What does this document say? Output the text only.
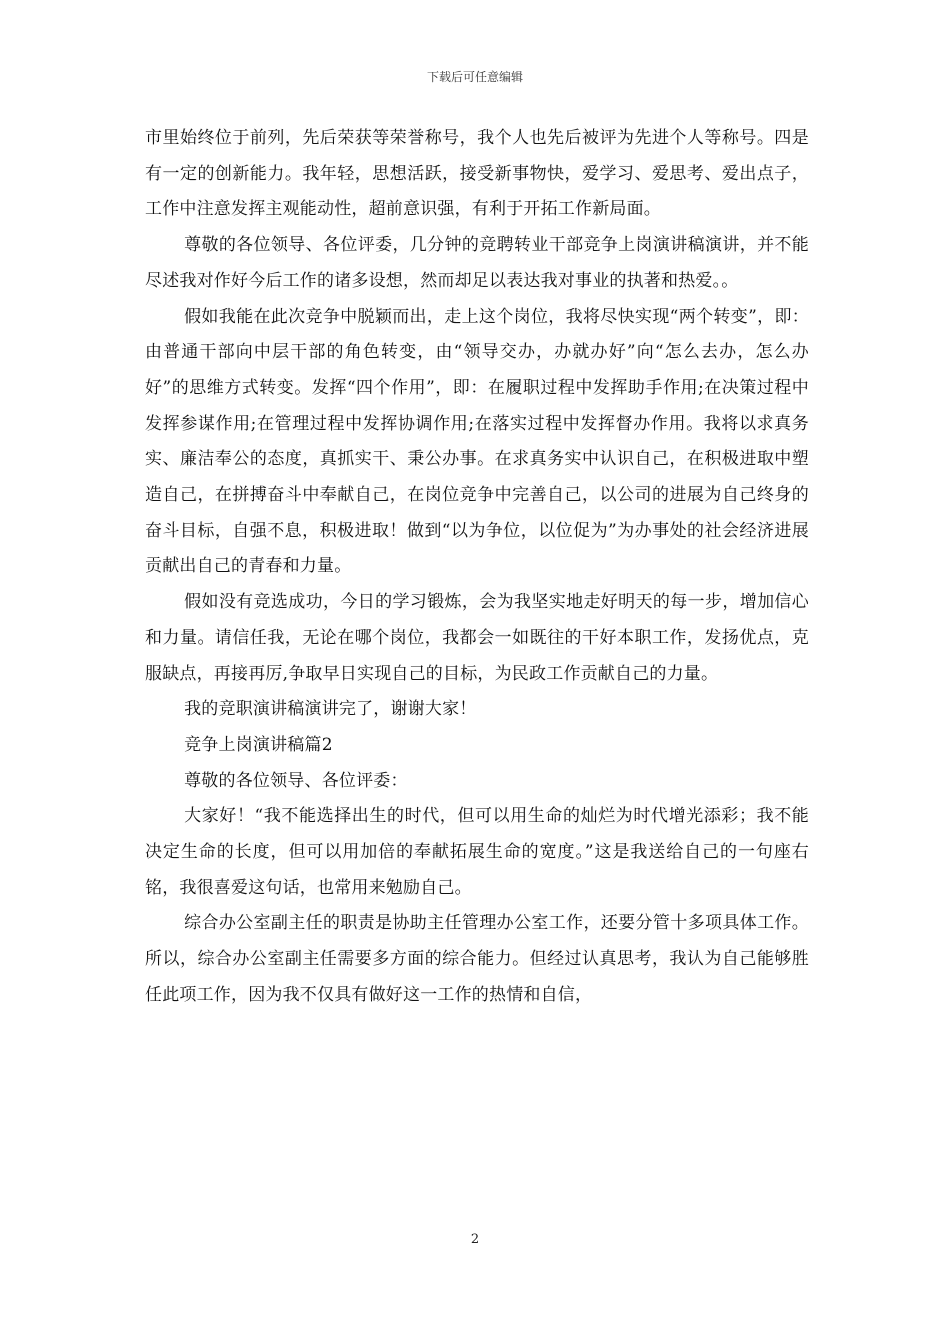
下载后可任意编辑

市里始终位于前列，先后荣获等荣誉称号，我个人也先后被评为先进个人等称号。四是有一定的创新能力。我年轻，思想活跃，接受新事物快，爱学习、爱思考、爱出点子，工作中注意发挥主观能动性，超前意识强，有利于开拓工作新局面。

尊敬的各位领导、各位评委，几分钟的竞聘转业干部竞争上岗演讲稿演讲，并不能尽述我对作好今后工作的诸多设想，然而却足以表达我对事业的执著和热爱。。

假如我能在此次竞争中脱颖而出，走上这个岗位，我将尽快实现“两个转变”，即：由普通干部向中层干部的角色转变，由“领导交办，办就办好”向“怎么去办，怎么办好”的思维方式转变。发挥“四个作用”，即：在履职过程中发挥助手作用;在决策过程中发挥参谋作用;在管理过程中发挥协调作用;在落实过程中发挥督办作用。我将以求真务实、廉洁奉公的态度，真抓实干、秉公办事。在求真务实中认识自己，在积极进取中塑造自己，在拼搏奋斗中奉献自己，在岗位竞争中完善自己，以公司的进展为自己终身的奋斗目标，自强不息，积极进取！做到“以为争位，以位促为”为办事处的社会经济进展贡献出自己的青春和力量。

假如没有竞选成功，今日的学习锻炼，会为我坚实地走好明天的每一步，增加信心和力量。请信任我，无论在哪个岗位，我都会一如既往的干好本职工作，发扬优点，克服缺点，再接再厉,争取早日实现自己的目标，为民政工作贡献自己的力量。

我的竞职演讲稿演讲完了，谢谢大家！

竞争上岗演讲稿篇2

尊敬的各位领导、各位评委：

大家好！“我不能选择出生的时代，但可以用生命的灿烂为时代增光添彩；我不能决定生命的长度，但可以用加倍的奉献拓展生命的宽度。”这是我送给自己的一句座右铭，我很喜爱这句话，也常用来勉励自己。

综合办公室副主任的职责是协助主任管理办公室工作，还要分管十多项具体工作。所以，综合办公室副主任需要多方面的综合能力。但经过认真思考，我认为自己能够胜任此项工作，因为我不仅具有做好这一工作的热情和自信，

2
